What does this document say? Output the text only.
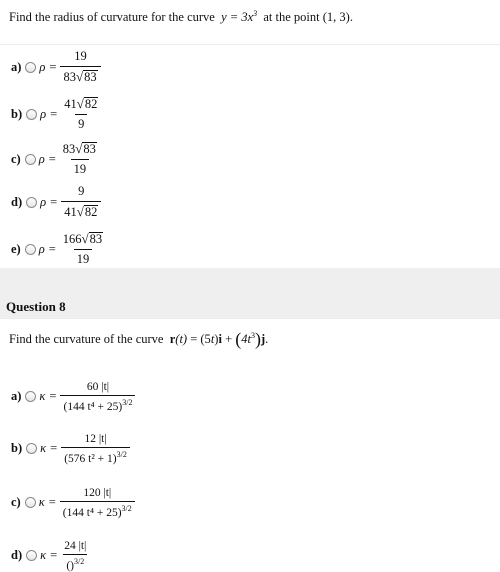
Find the radius of curvature for the curve $y = 3x^3$ at the point (1, 3).
a) $\rho = \frac{19}{83 √ 83}$
b) $\rho = \frac{41 √ 82}{9}$
c) $\rho = \frac{83 √ 83}{19}$
d) $\rho = \frac{9}{41 √ 82}$
e) $\rho = \frac{166 √ 83}{19}$
Question 8
Find the curvature of the curve $r(t) = (5t)i + (4t^3)j$.
a) $\kappa = \frac{60 |t|}{(144 t^4 + 25)^{3/2}}$
b) $\kappa = \frac{12 |t|}{(576 t^2 + 1)^{3/2}}$
c) $\kappa = \frac{120 |t|}{(144 t^4 + 25)^{3/2}}$
d) $\kappa = \frac{24 |t|}{()^{3/2}}$
